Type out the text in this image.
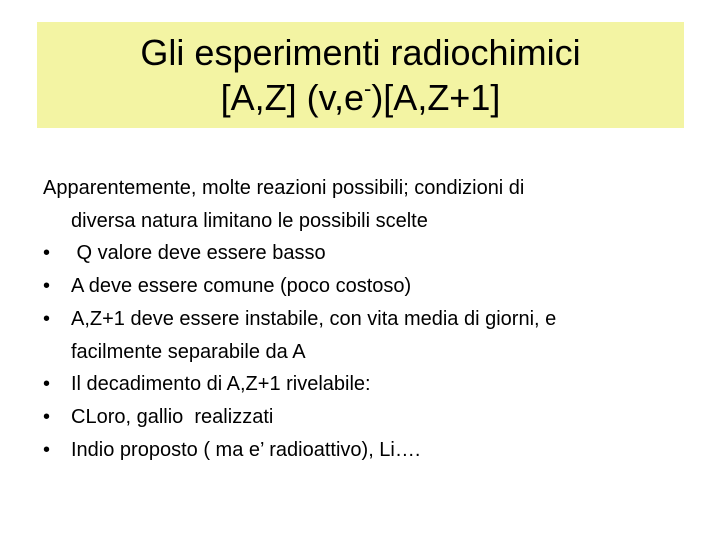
Gli esperimenti radiochimici
[A,Z] (v,e-)[A,Z+1]
Apparentemente, molte reazioni possibili; condizioni di
diversa natura limitano le possibili scelte
•	Q valore deve essere basso
•	A deve essere comune (poco costoso)
•	A,Z+1 deve essere instabile, con vita media di giorni, e
facilmente separabile da A
•	Il decadimento di A,Z+1 rivelabile:
•	CLoro, gallio  realizzati
•	Indio proposto ( ma e’ radioattivo), Li….
